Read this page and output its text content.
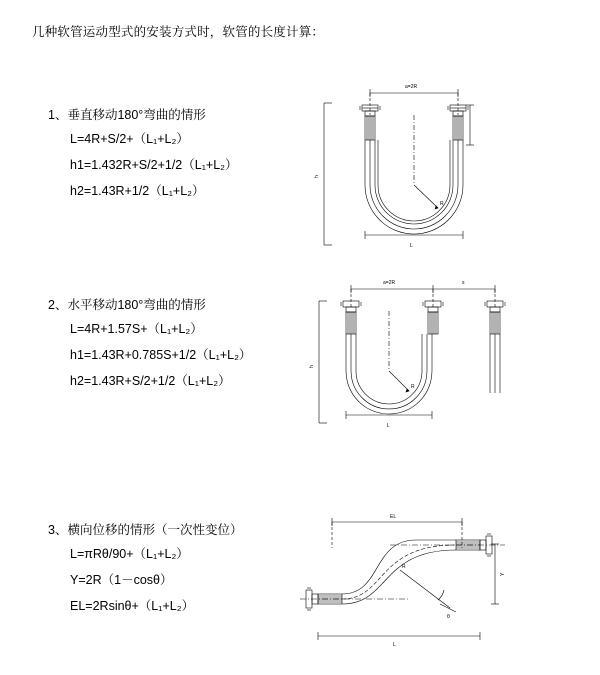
几种软管运动型式的安装方式时，软管的长度计算：
1、垂直移动180°弯曲的情形
L=4R+S/2+（L₁+L₂）
h1=1.432R+S/2+1/2（L₁+L₂）
h2=1.43R+1/2（L₁+L₂）
a=2R
R
L
h
2、水平移动180°弯曲的情形
L=4R+1.57S+（L₁+L₂）
h1=1.43R+0.785S+1/2（L₁+L₂）
h2=1.43R+S/2+1/2（L₁+L₂）
a=2R	s
R
L
h
3、横向位移的情形（一次性变位）
L=πRθ/90+（L₁+L₂）
Y=2R（1－cosθ）
EL=2Rsinθ+（L₁+L₂）
EL
L
Y
θ
R
